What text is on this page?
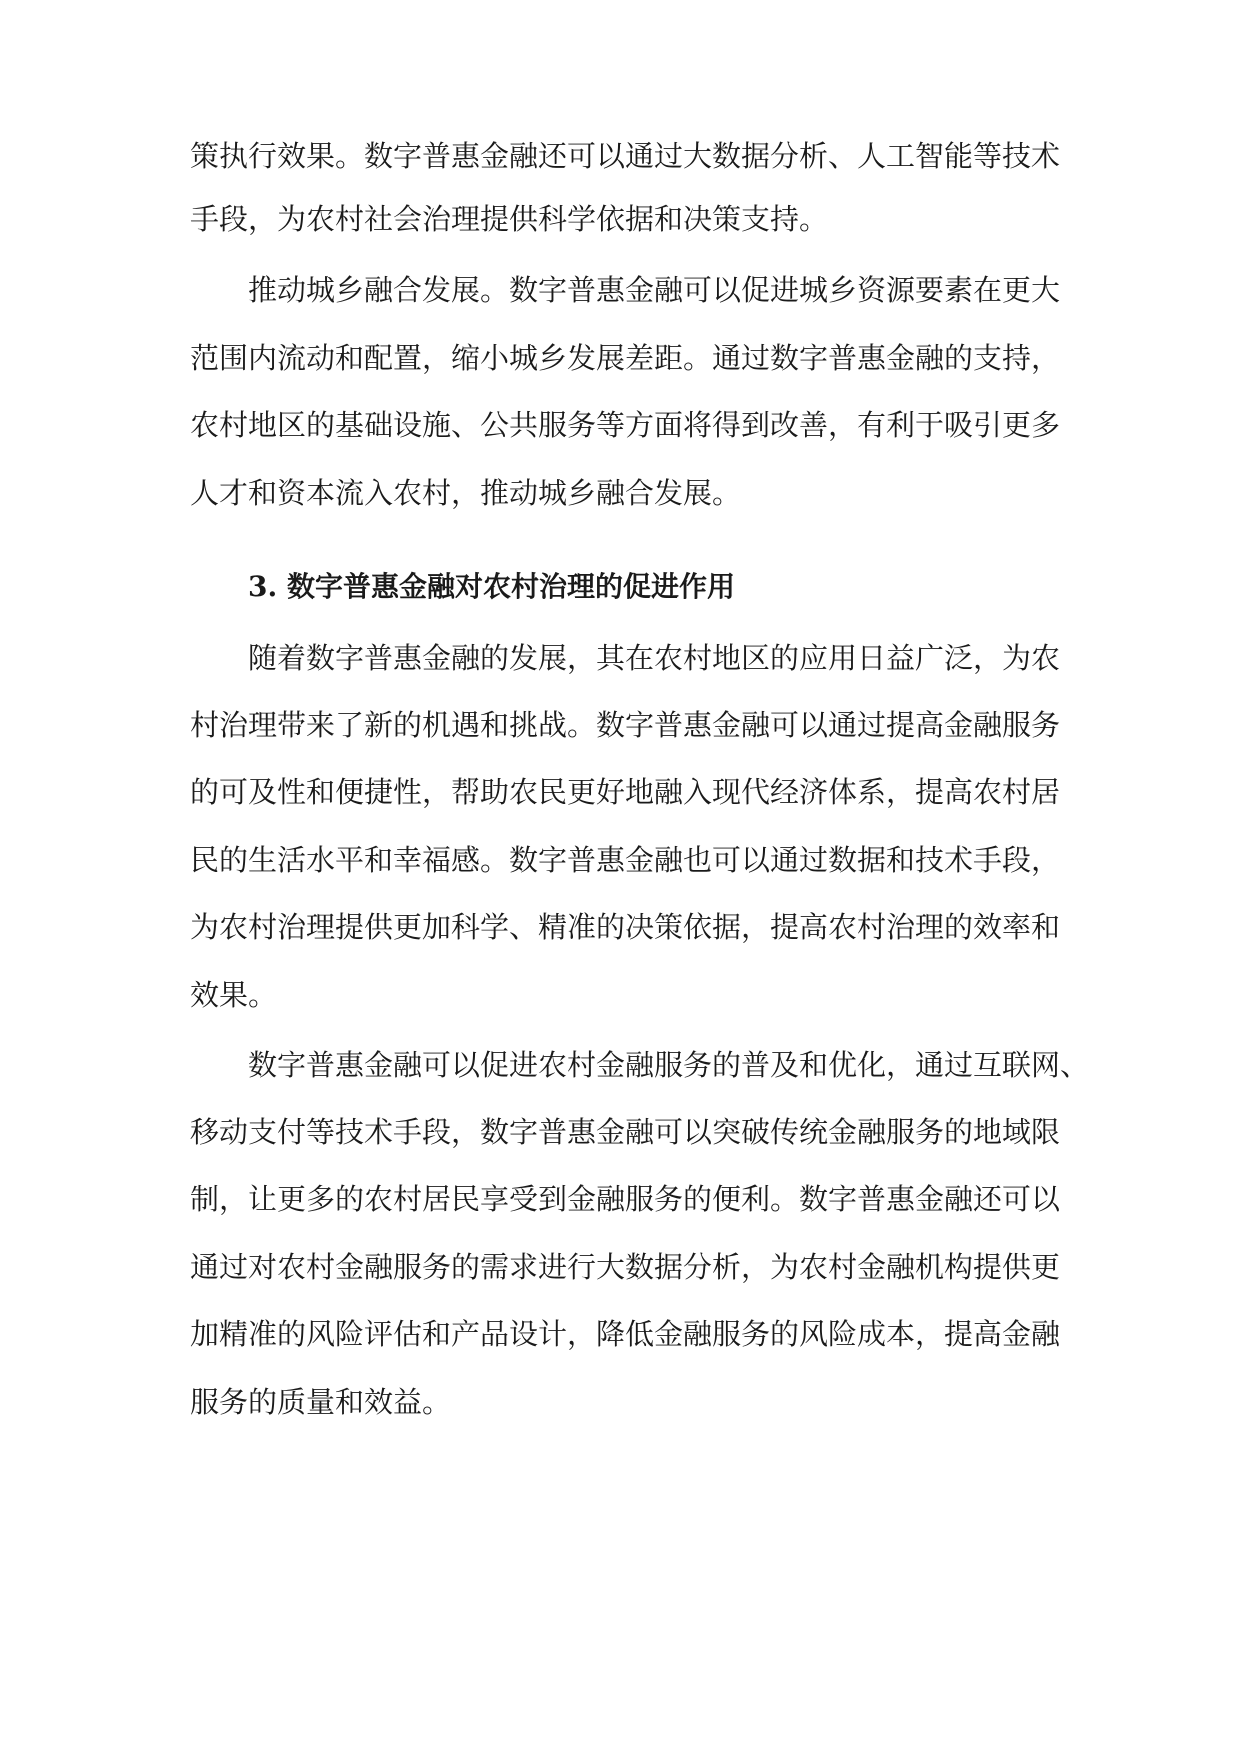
策执行效果。数字普惠金融还可以通过大数据分析、人工智能等技术
手段，为农村社会治理提供科学依据和决策支持。
推动城乡融合发展。数字普惠金融可以促进城乡资源要素在更大
范围内流动和配置，缩小城乡发展差距。通过数字普惠金融的支持，
农村地区的基础设施、公共服务等方面将得到改善，有利于吸引更多
人才和资本流入农村，推动城乡融合发展。
3. 数字普惠金融对农村治理的促进作用
随着数字普惠金融的发展，其在农村地区的应用日益广泛，为农
村治理带来了新的机遇和挑战。数字普惠金融可以通过提高金融服务
的可及性和便捷性，帮助农民更好地融入现代经济体系，提高农村居
民的生活水平和幸福感。数字普惠金融也可以通过数据和技术手段，
为农村治理提供更加科学、精准的决策依据，提高农村治理的效率和
效果。
数字普惠金融可以促进农村金融服务的普及和优化，通过互联网、
移动支付等技术手段，数字普惠金融可以突破传统金融服务的地域限
制，让更多的农村居民享受到金融服务的便利。数字普惠金融还可以
通过对农村金融服务的需求进行大数据分析，为农村金融机构提供更
加精准的风险评估和产品设计，降低金融服务的风险成本，提高金融
服务的质量和效益。
